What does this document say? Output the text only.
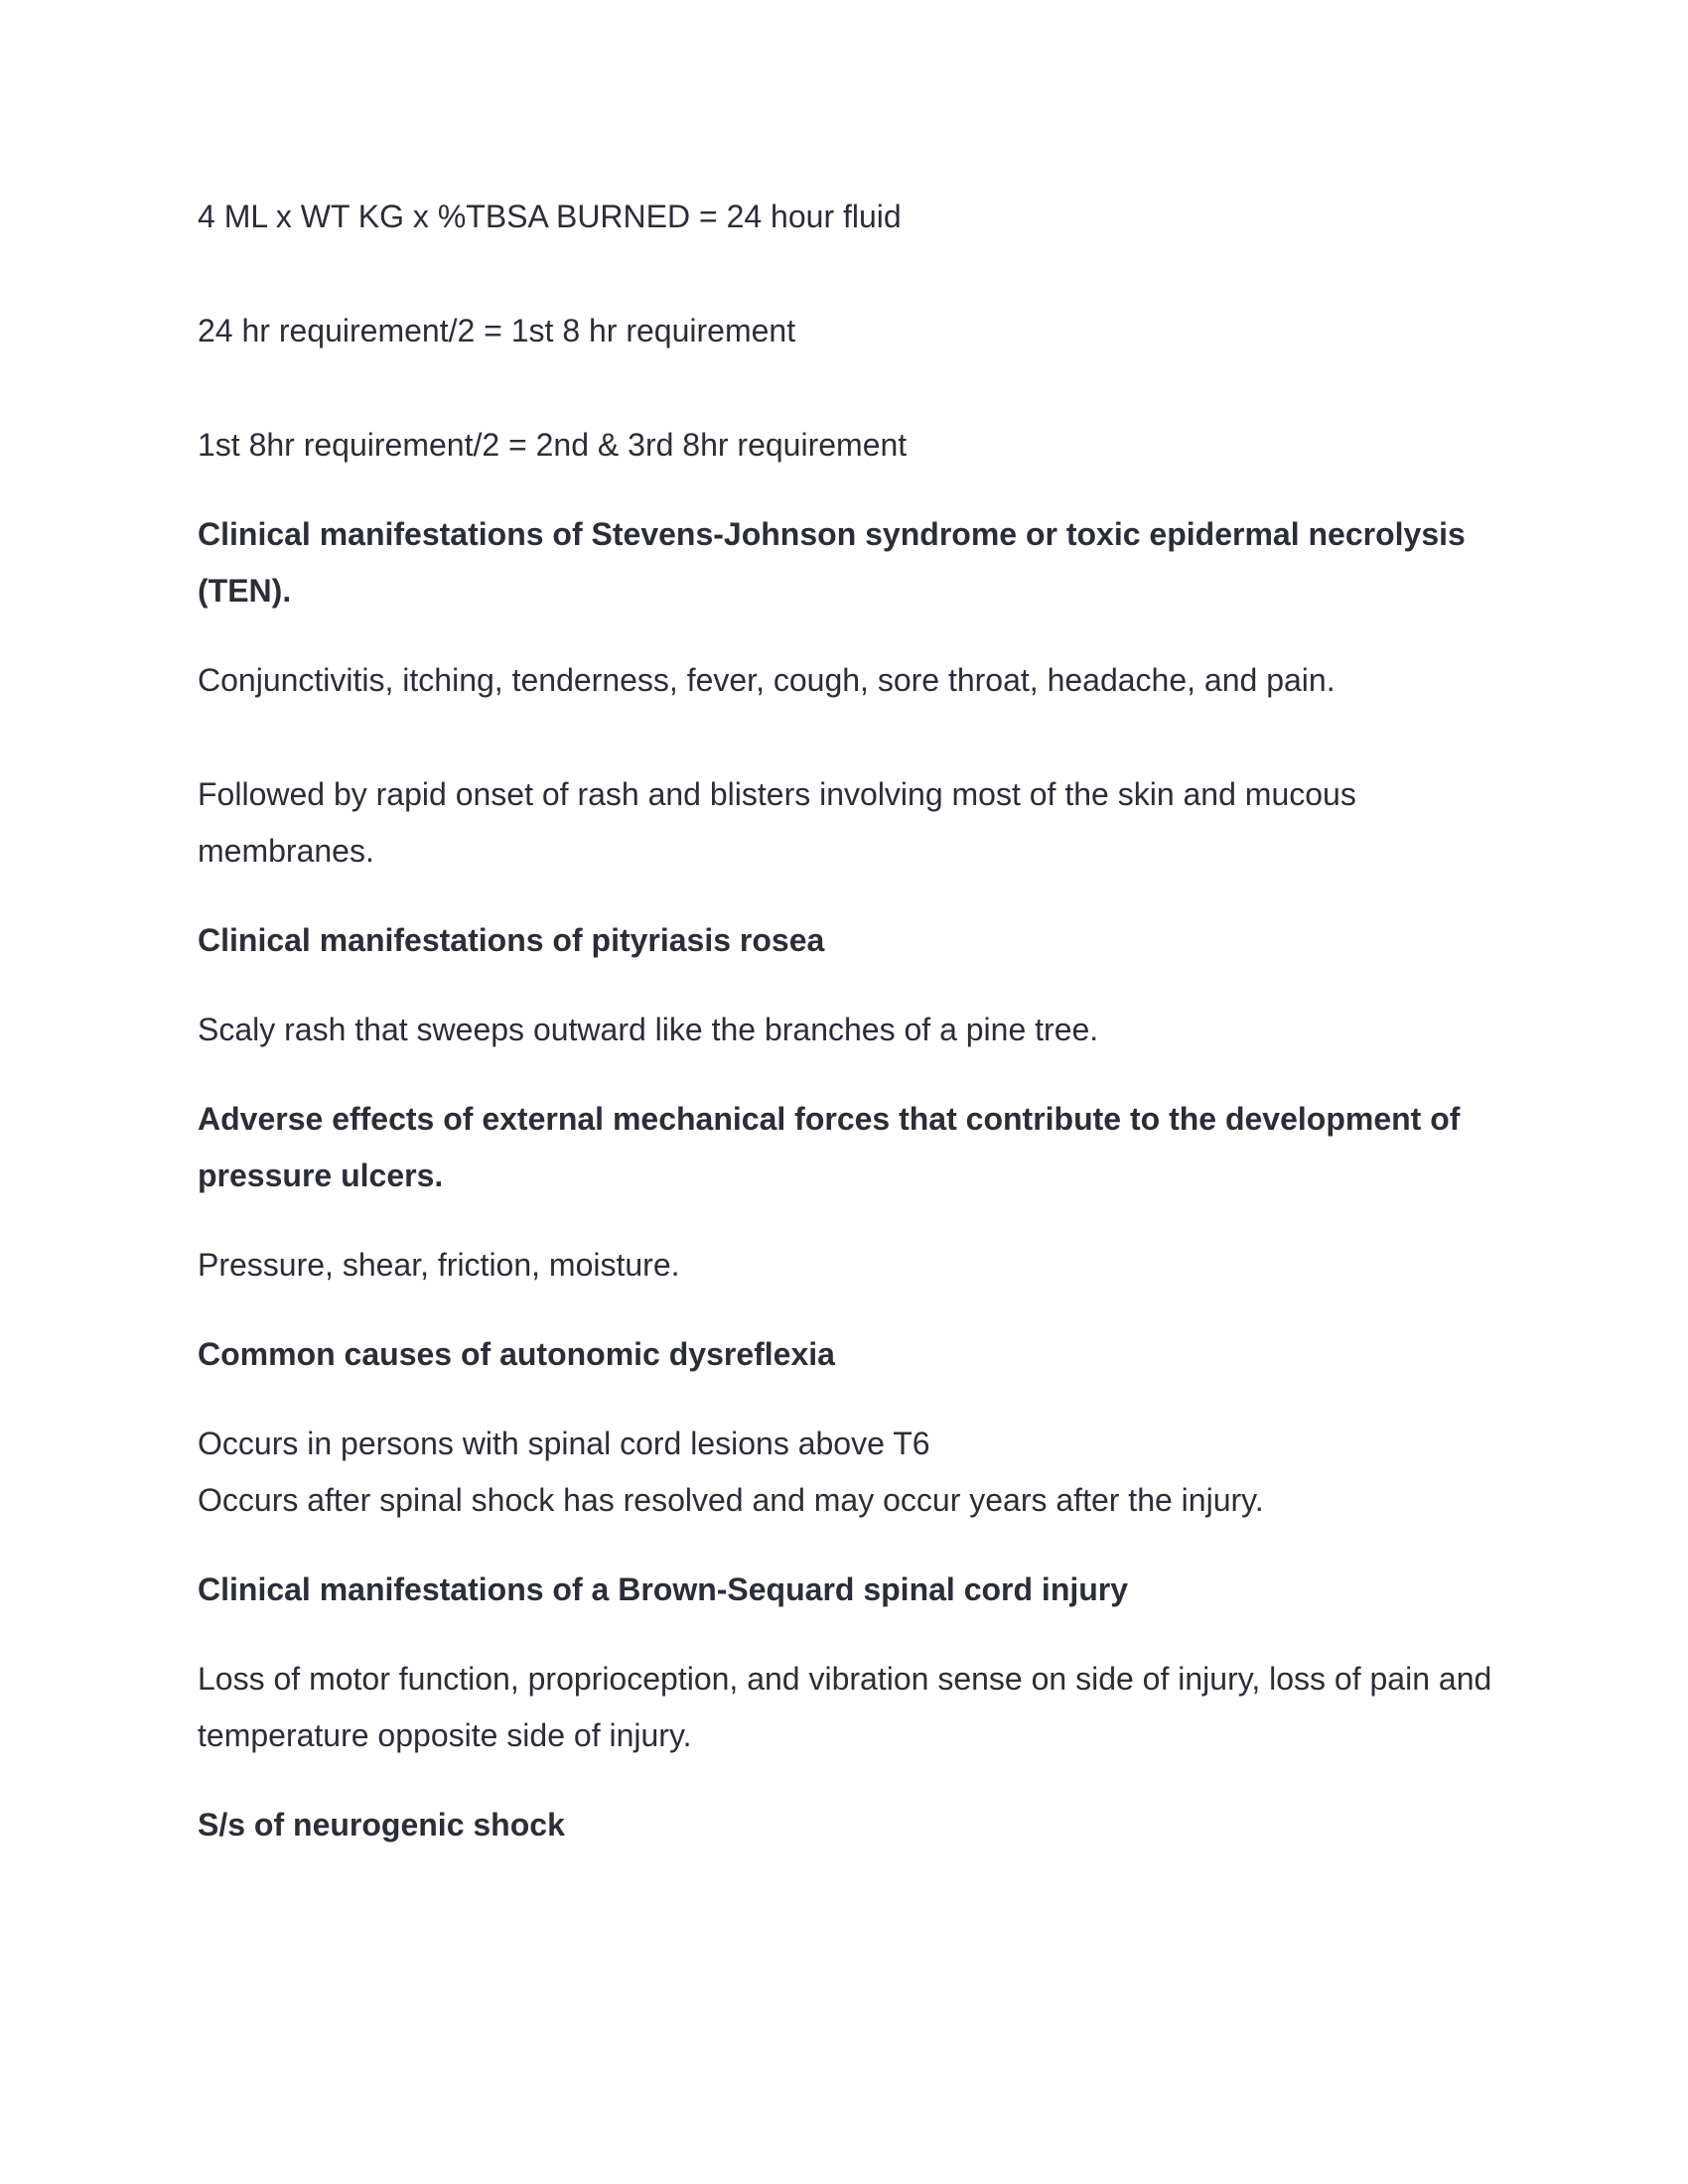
4 ML x WT KG x %TBSA BURNED = 24 hour fluid

24 hr requirement/2 = 1st 8 hr requirement

1st 8hr requirement/2 = 2nd & 3rd 8hr requirement

Clinical manifestations of Stevens-Johnson syndrome or toxic epidermal necrolysis (TEN).

Conjunctivitis, itching, tenderness, fever, cough, sore throat, headache, and pain.

Followed by rapid onset of rash and blisters involving most of the skin and mucous membranes.

Clinical manifestations of pityriasis rosea

Scaly rash that sweeps outward like the branches of a pine tree.

Adverse effects of external mechanical forces that contribute to the development of pressure ulcers.

Pressure, shear, friction, moisture.

Common causes of autonomic dysreflexia

Occurs in persons with spinal cord lesions above T6
Occurs after spinal shock has resolved and may occur years after the injury.

Clinical manifestations of a Brown-Sequard spinal cord injury

Loss of motor function, proprioception, and vibration sense on side of injury, loss of pain and temperature opposite side of injury.

S/s of neurogenic shock
